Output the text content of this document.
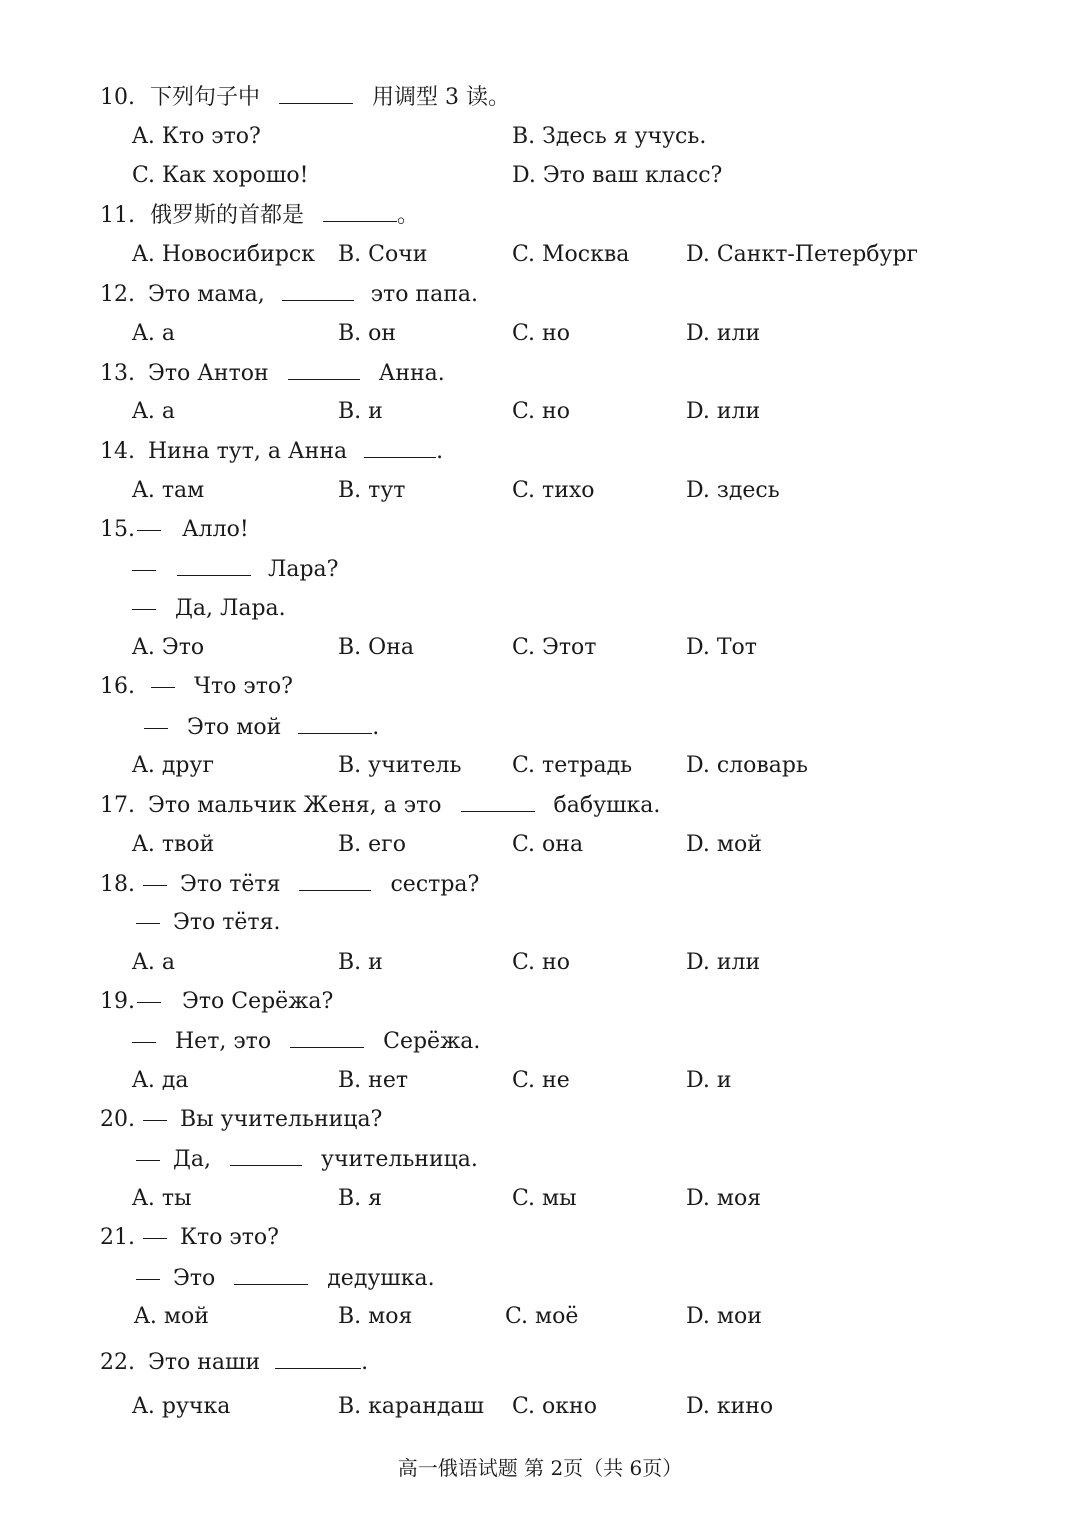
10. 下列句子中	用调型 3 读。
A. Кто это?	B. Здесь я учусь.
C. Как хорошо!	D. Это ваш класс?
11. 俄罗斯的首都是	。
A. Новосибирск B. Сочи	C. Москва	D. Санкт-Петербург
12. Это мама,	это папа.
A. а	B. он	C. но	D. или
13. Это Антон	Анна.
A. а	B. и	C. но	D. или
14. Нина тут, а Анна	.
A. там	B. тут	C. тихо	D. здесь
15. Алло!
Лара?
Да, Лара.
A. Это	B. Она	C. Этот	D. Тот
16.	Что это?
Это мой	.
A. друг	B. учитель C. тетрадь D. словарь
17. Это мальчик Женя, а это	бабушка.
A. твой	B. его	C. она	D. мой
18. Это тётя	сестра?
Это тётя.
A. а	B. и	C. но	D. или
19. Это Серёжа?
Нет, это	Серёжа.
A. да	B. нет	C. не	D. и
20. Вы учительница?
Да,	учительница.
A. ты	B. я	C. мы	D. моя
21. Кто это?
Это	дедушка.
A. мой	B. моя	C. моё	D. мои
22. Это наши	.
A. ручка	B. карандаш C. окно	D. кино
高一俄语试题 第 2页（共 6页）
